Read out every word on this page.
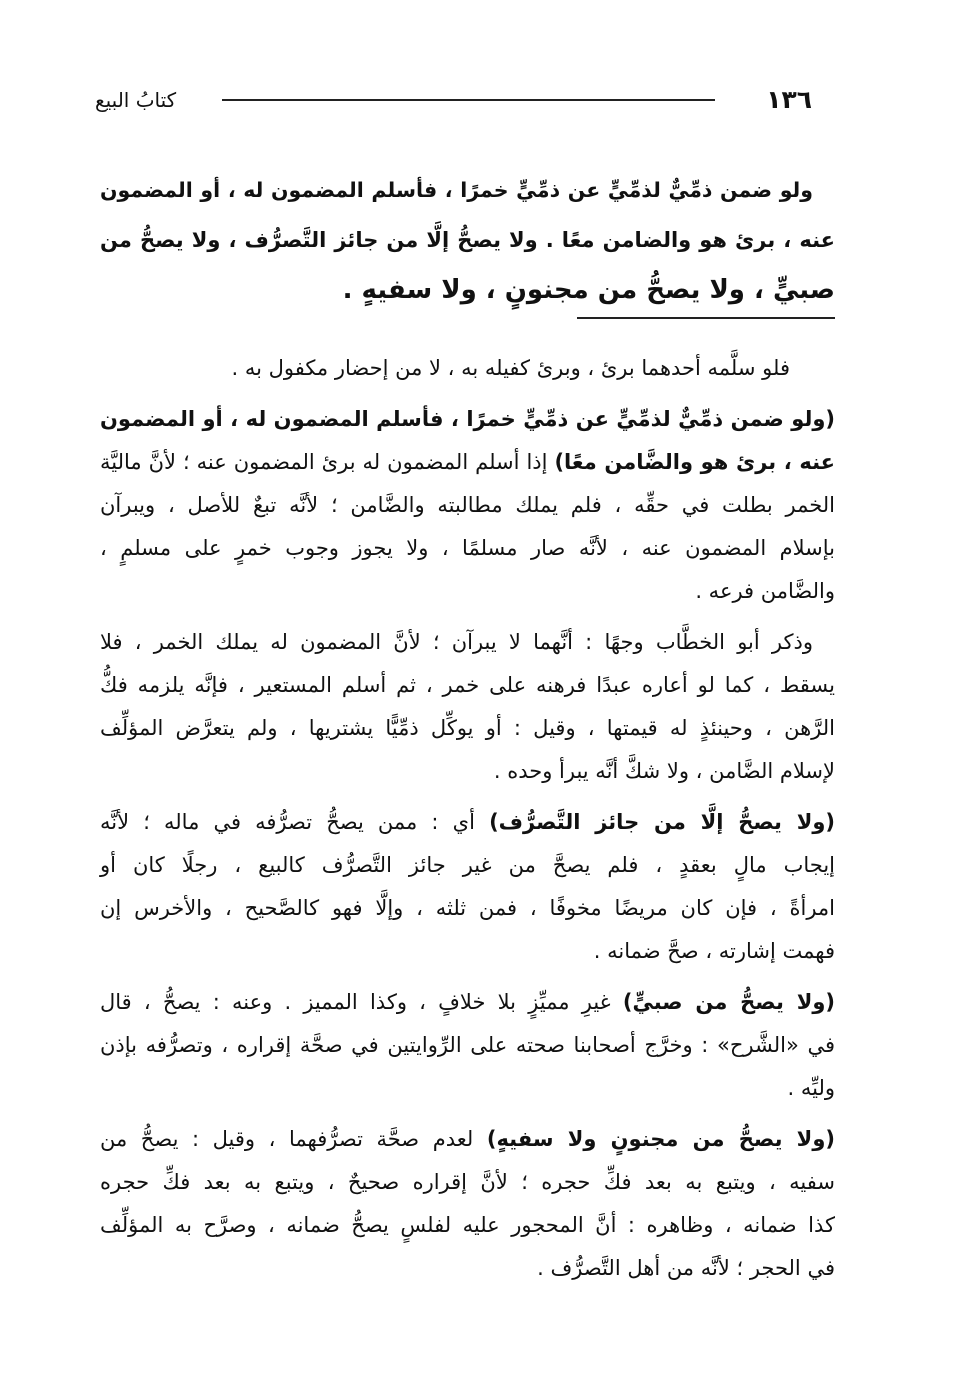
١٣٦
كتابُ البيع
ولو ضمن ذمِّيٌّ لذمِّيٍّ عن ذمِّيٍّ خمرًا ، فأسلم المضمون له ، أو المضمون
عنه ، برئ هو والضامن معًا . ولا يصحُّ إلَّا من جائز التَّصرُّف ، ولا يصحُّ من
صبيٍّ ، ولا يصحُّ من مجنونٍ ، ولا سفيهٍ .
فلو سلَّمه أحدهما برئ ، وبرئ كفيله به ، لا من إحضار مكفول به .
(ولو ضمن ذمِّيٌّ لذمِّيٍّ عن ذمِّيٍّ خمرًا ، فأسلم المضمون له ، أو المضمون
عنه ، برئ هو والضَّامن معًا) إذا أسلم المضمون له برئ المضمون عنه ؛ لأنَّ ماليَّة
الخمر بطلت في حقِّه ، فلم يملك مطالبته والضَّامن ؛ لأنَّه تبعٌ للأصل ، ويبرآن
بإسلام المضمون عنه ، لأنَّه صار مسلمًا ، ولا يجوز وجوب خمرٍ على مسلمٍ ،
والضَّامن فرعه .
وذكر أبو الخطَّاب وجهًا : أنَّهما لا يبرآن ؛ لأنَّ المضمون له يملك الخمر ، فلا
يسقط ، كما لو أعاره عبدًا فرهنه على خمر ، ثم أسلم المستعير ، فإنَّه يلزمه فكُّ
الرَّهن ، وحينئذٍ له قيمتها ، وقيل : أو يوكِّل ذمِّيًّا يشتريها ، ولم يتعرَّض المؤلِّف
لإسلام الضَّامن ، ولا شكَّ أنَّه يبرأ وحده .
(ولا يصحُّ إلَّا من جائز التَّصرُّف) أي : ممن يصحُّ تصرُّفه في ماله ؛ لأنَّه
إيجاب مالٍ بعقدٍ ، فلم يصحَّ من غير جائز التَّصرُّف كالبيع ، رجلًا كان أو
امرأةً ، فإن كان مريضًا مخوفًا ، فمن ثلثه ، وإلَّا فهو كالصَّحيح ، والأخرس إن
فهمت إشارته ، صحَّ ضمانه .
(ولا يصحُّ من صبيٍّ) غيرِ مميِّزٍ بلا خلافٍ ، وكذا المميز . وعنه : يصحُّ ، قال
في «الشَّرح» : وخرَّج أصحابنا صحته على الرِّوايتين في صحَّة إقراره ، وتصرُّفه بإذن
وليِّه .
(ولا يصحُّ من مجنونٍ ولا سفيهٍ) لعدم صحَّة تصرُّفهما ، وقيل : يصحُّ من
سفيه ، ويتبع به بعد فكِّ حجره ؛ لأنَّ إقراره صحيحٌ ، ويتبع به بعد فكِّ حجره
كذا ضمانه ، وظاهره : أنَّ المحجور عليه لفلسٍ يصحُّ ضمانه ، وصرَّح به المؤلِّف
في الحجر ؛ لأنَّه من أهل التَّصرُّف .
